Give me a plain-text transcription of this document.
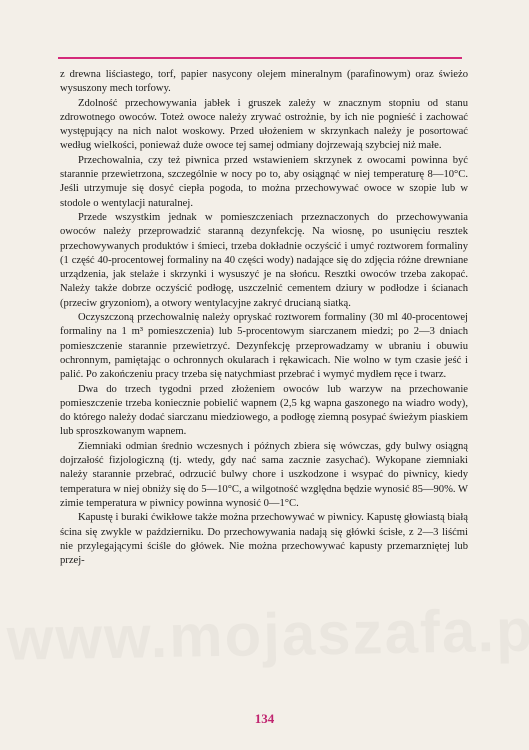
z drewna liściastego, torf, papier nasycony olejem mineralnym (parafinowym) oraz świeżo wysuszony mech torfowy.

Zdolność przechowywania jabłek i gruszek zależy w znacznym stopniu od stanu zdrowotnego owoców. Toteż owoce należy zrywać ostrożnie, by ich nie pognieść i zachować występujący na nich nalot woskowy. Przed ułożeniem w skrzynkach należy je posortować według wielkości, ponieważ duże owoce tej samej odmiany dojrzewają szybciej niż małe.

Przechowalnia, czy też piwnica przed wstawieniem skrzynek z owocami powinna być starannie przewietrzona, szczególnie w nocy po to, aby osiągnąć w niej temperaturę 8—10°C. Jeśli utrzymuje się dosyć ciepła pogoda, to można przechowywać owoce w szopie lub w stodole o wentylacji naturalnej.

Przede wszystkim jednak w pomieszczeniach przeznaczonych do przechowywania owoców należy przeprowadzić staranną dezynfekcję. Na wiosnę, po usunięciu resztek przechowywanych produktów i śmieci, trzeba dokładnie oczyścić i umyć roztworem formaliny (1 część 40-procentowej formaliny na 40 części wody) nadające się do zdjęcia różne drewniane urządzenia, jak stelaże i skrzynki i wysuszyć je na słońcu. Resztki owoców trzeba zakopać. Należy także dobrze oczyścić podłogę, uszczelnić cementem dziury w podłodze i ścianach (przeciw gryzoniom), a otwory wentylacyjne zakryć drucianą siatką.

Oczyszczoną przechowalnię należy opryskać roztworem formaliny (30 ml 40-procentowej formaliny na 1 m³ pomieszczenia) lub 5-procentowym siarczanem miedzi; po 2—3 dniach pomieszczenie starannie przewietrzyć. Dezynfekcję przeprowadzamy w ubraniu i obuwiu ochronnym, pamiętając o ochronnych okularach i rękawicach. Nie wolno w tym czasie jeść i palić. Po zakończeniu pracy trzeba się natychmiast przebrać i wymyć mydłem ręce i twarz.

Dwa do trzech tygodni przed złożeniem owoców lub warzyw na przechowanie pomieszczenie trzeba koniecznie pobielić wapnem (2,5 kg wapna gaszonego na wiadro wody), do którego należy dodać siarczanu miedziowego, a podłogę ziemną posypać świeżym piaskiem lub sproszkowanym wapnem.

Ziemniaki odmian średnio wczesnych i późnych zbiera się wówczas, gdy bulwy osiągną dojrzałość fizjologiczną (tj. wtedy, gdy nać sama zacznie zasychać). Wykopane ziemniaki należy starannie przebrać, odrzucić bulwy chore i uszkodzone i wsypać do piwnicy, kiedy temperatura w niej obniży się do 5—10°C, a wilgotność względna będzie wynosić 85—90%. W zimie temperatura w piwnicy powinna wynosić 0—1°C.

Kapustę i buraki ćwikłowe także można przechowywać w piwnicy. Kapustę głowiastą białą ścina się zwykle w październiku. Do przechowywania nadają się główki ścisłe, z 2—3 liśćmi nie przylegającymi ściśle do główek. Nie można przechowywać kapusty przemarzniętej lub przej-

134
